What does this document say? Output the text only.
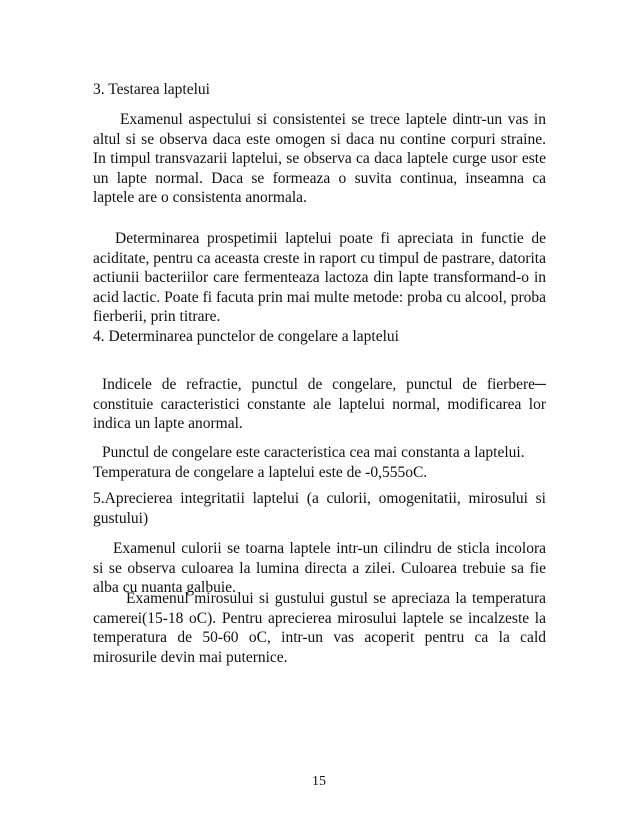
3. Testarea laptelui

Examenul aspectului si consistentei se trece laptele dintr-un vas in altul si se observa daca este omogen si daca nu contine corpuri straine. In timpul transvazarii laptelui, se observa ca daca laptele curge usor este un lapte normal. Daca se formeaza o suvita continua, inseamna ca laptele are o consistenta anormala.

Determinarea prospetimii laptelui poate fi apreciata in functie de aciditate, pentru ca aceasta creste in raport cu timpul de pastrare, datorita actiunii bacteriilor care fermenteaza lactoza din lapte transformand-o in acid lactic. Poate fi facuta prin mai multe metode: proba cu alcool, proba fierberii, prin titrare.

4. Determinarea punctelor de congelare a laptelui

Indicele de refractie, punctul de congelare, punctul de fierbere─ constituie caracteristici constante ale laptelui normal, modificarea lor indica un lapte anormal.

Punctul de congelare este caracteristica cea mai constanta a laptelui.
Temperatura de congelare a laptelui este de -0,555oC.

5.Aprecierea integritatii laptelui (a culorii, omogenitatii, mirosului si gustului)

Examenul culorii se toarna laptele intr-un cilindru de sticla incolora si se observa culoarea la lumina directa a zilei. Culoarea trebuie sa fie alba cu nuanta galbuie.

Examenul mirosului si gustului gustul se apreciaza la temperatura camerei(15-18 oC). Pentru aprecierea mirosului laptele se incalzeste la temperatura de 50-60 oC, intr-un vas acoperit pentru ca la cald mirosurile devin mai puternice.

15
